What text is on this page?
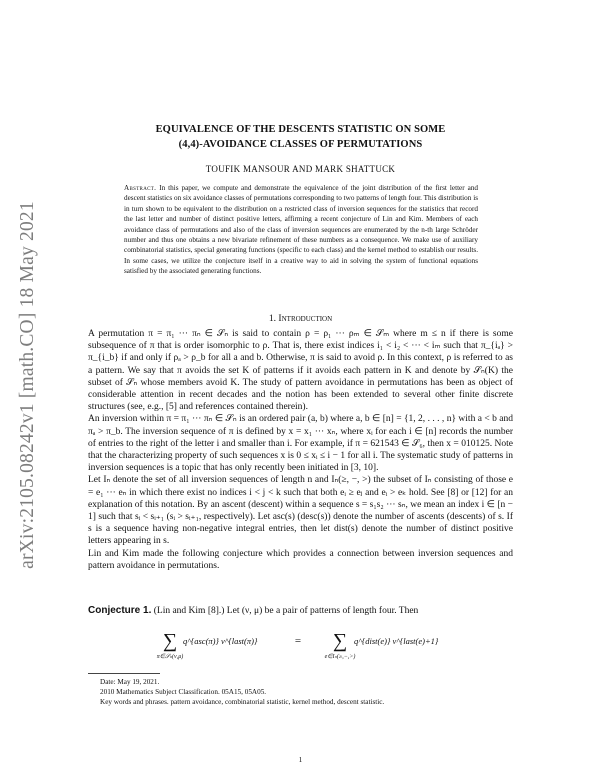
arXiv:2105.08242v1 [math.CO] 18 May 2021
EQUIVALENCE OF THE DESCENTS STATISTIC ON SOME
(4,4)-AVOIDANCE CLASSES OF PERMUTATIONS
TOUFIK MANSOUR AND MARK SHATTUCK
Abstract. In this paper, we compute and demonstrate the equivalence of the joint distribution of the first letter and descent statistics on six avoidance classes of permutations corresponding to two patterns of length four. This distribution is in turn shown to be equivalent to the distribution on a restricted class of inversion sequences for the statistics that record the last letter and number of distinct positive letters, affirming a recent conjecture of Lin and Kim. Members of each avoidance class of permutations and also of the class of inversion sequences are enumerated by the n-th large Schröder number and thus one obtains a new bivariate refinement of these numbers as a consequence. We make use of auxiliary combinatorial statistics, special generating functions (specific to each class) and the kernel method to establish our results. In some cases, we utilize the conjecture itself in a creative way to aid in solving the system of functional equations satisfied by the associated generating functions.
1. Introduction

A permutation π = π₁ ··· πₙ ∈ 𝒮ₙ is said to contain ρ = ρ₁ ··· ρₘ ∈ 𝒮ₘ where m ≤ n if there is some subsequence of π that is order isomorphic to ρ. That is, there exist indices i₁ < i₂ < ··· < iₘ such that π_{iₐ} > π_{i_b} if and only if ρₐ > ρ_b for all a and b. Otherwise, π is said to avoid ρ. In this context, ρ is referred to as a pattern. We say that π avoids the set K of patterns if it avoids each pattern in K and denote by 𝒮ₙ(K) the subset of 𝒮ₙ whose members avoid K. The study of pattern avoidance in permutations has been as object of considerable attention in recent decades and the notion has been extended to several other finite discrete structures (see, e.g., [5] and references contained therein).

An inversion within π = π₁ ··· πₙ ∈ 𝒮ₙ is an ordered pair (a, b) where a, b ∈ [n] = {1, 2, . . . , n} with a < b and πₐ > π_b. The inversion sequence of π is defined by x = x₁ ··· xₙ, where xᵢ for each i ∈ [n] records the number of entries to the right of the letter i and smaller than i. For example, if π = 621543 ∈ 𝒮₆, then x = 010125. Note that the characterizing property of such sequences x is 0 ≤ xᵢ ≤ i − 1 for all i. The systematic study of patterns in inversion sequences is a topic that has only recently been initiated in [3, 10].

Let Iₙ denote the set of all inversion sequences of length n and Iₙ(≥, −, >) the subset of Iₙ consisting of those e = e₁ ··· eₙ in which there exist no indices i < j < k such that both eᵢ ≥ eⱼ and eᵢ > eₖ hold. See [8] or [12] for an explanation of this notation. By an ascent (descent) within a sequence s = s₁s₂ ··· sₙ, we mean an index i ∈ [n − 1] such that sᵢ < sᵢ₊₁ (sᵢ > sᵢ₊₁, respectively). Let asc(s) (desc(s)) denote the number of ascents (descents) of s. If s is a sequence having non-negative integral entries, then let dist(s) denote the number of distinct positive letters appearing in s.

Lin and Kim made the following conjecture which provides a connection between inversion sequences and pattern avoidance in permutations.

Conjecture 1. (Lin and Kim [8].) Let (ν, μ) be a pair of patterns of length four. Then
∑
π∈𝒮ₙ(ν,μ)
q^{asc(π)} v^{last(π)}	= ∑
e∈Iₙ(≥,−,>)
q^{dist(e)} v^{last(e)+1}
Date: May 19, 2021.
2010 Mathematics Subject Classification. 05A15, 05A05.
Key words and phrases. pattern avoidance, combinatorial statistic, kernel method, descent statistic.
1
